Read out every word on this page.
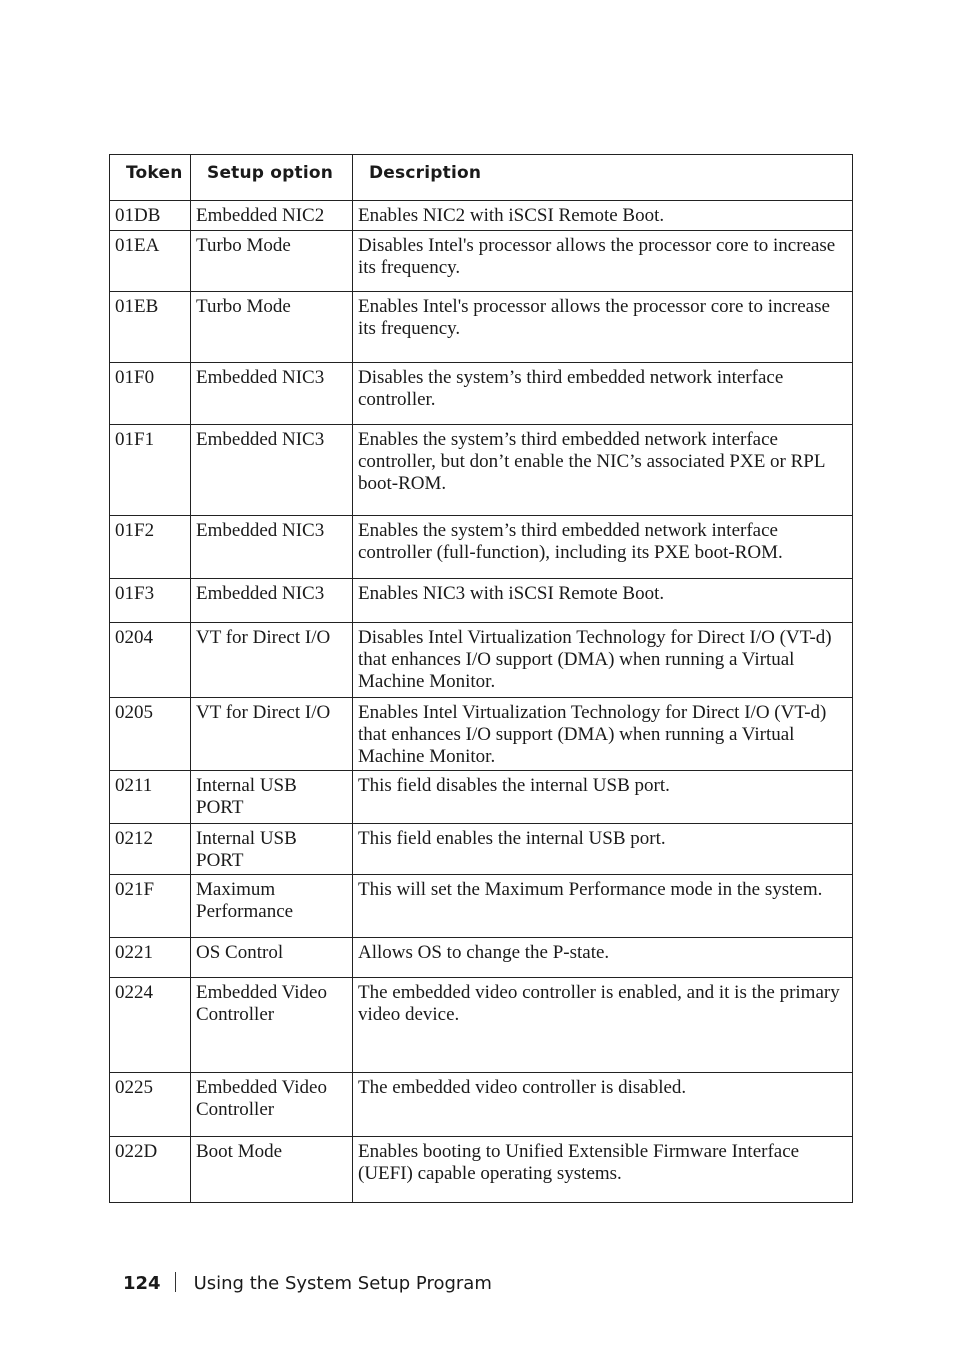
Token	Setup option	Description
01DB	Embedded NIC2	Enables NIC2 with iSCSI Remote Boot.
01EA	Turbo Mode	Disables Intel's processor allows the processor core to increase its frequency.
01EB	Turbo Mode	Enables Intel's processor allows the processor core to increase its frequency.
01F0	Embedded NIC3	Disables the system’s third embedded network interface controller.
01F1	Embedded NIC3	Enables the system’s third embedded network interface controller, but don’t enable the NIC’s associated PXE or RPL boot-ROM.
01F2	Embedded NIC3	Enables the system’s third embedded network interface controller (full-function), including its PXE boot-ROM.
01F3	Embedded NIC3	Enables NIC3 with iSCSI Remote Boot.
0204	VT for Direct I/O	Disables Intel Virtualization Technology for Direct I/O (VT-d) that enhances I/O support (DMA) when running a Virtual Machine Monitor.
0205	VT for Direct I/O	Enables Intel Virtualization Technology for Direct I/O (VT-d) that enhances I/O support (DMA) when running a Virtual Machine Monitor.
0211	Internal USB PORT	This field disables the internal USB port.
0212	Internal USB PORT	This field enables the internal USB port.
021F	Maximum Performance	This will set the Maximum Performance mode in the system.
0221	OS Control	Allows OS to change the P-state.
0224	Embedded Video Controller	The embedded video controller is enabled, and it is the primary video device.
0225	Embedded Video Controller	The embedded video controller is disabled.
022D	Boot Mode	Enables booting to Unified Extensible Firmware Interface (UEFI) capable operating systems.
124 Using the System Setup Program
